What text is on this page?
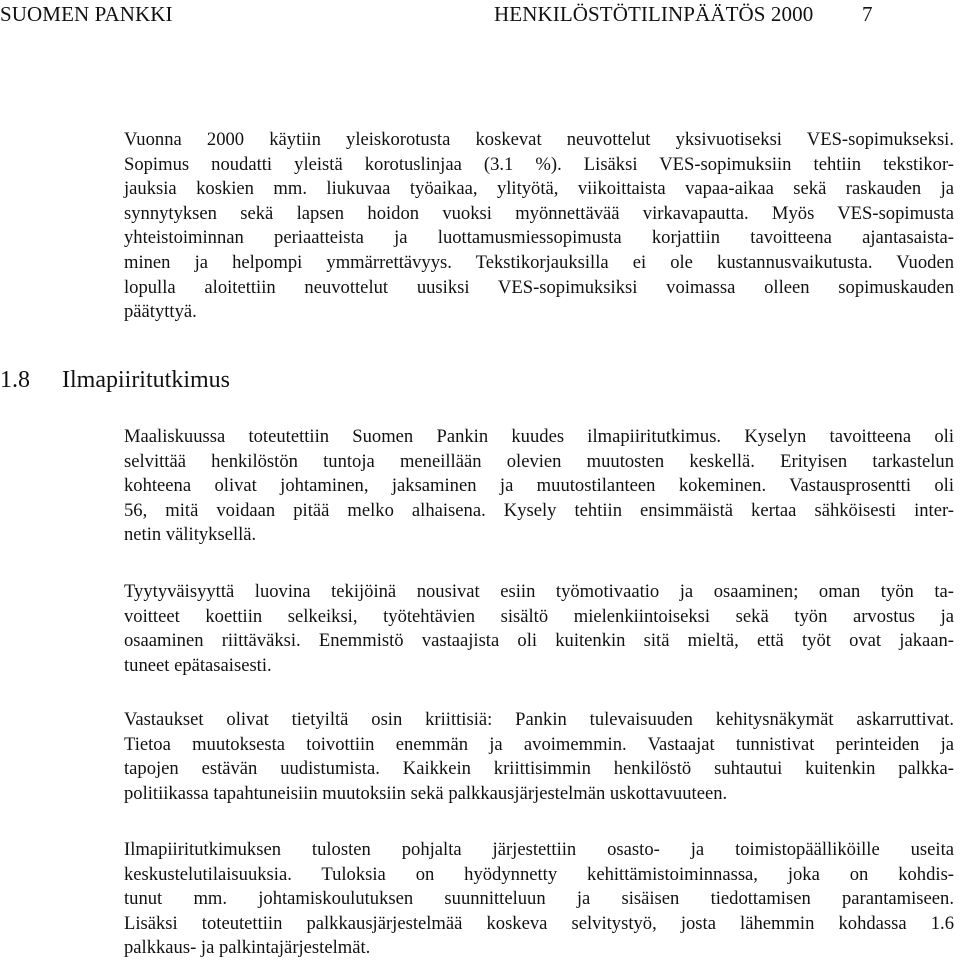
SUOMEN PANKKI	HENKILÖSTÖTILINPÄÄTÖS 2000 7

Vuonna 2000 käytiin yleiskorotusta koskevat neuvottelut yksivuotiseksi VES-sopimukseksi.
Sopimus noudatti yleistä korotuslinjaa (3.1 %). Lisäksi VES-sopimuksiin tehtiin tekstikor-
jauksia koskien mm. liukuvaa työaikaa, ylityötä, viikoittaista vapaa-aikaa sekä raskauden ja
synnytyksen sekä lapsen hoidon vuoksi myönnettävää virkavapautta. Myös VES-sopimusta
yhteistoiminnan periaatteista ja luottamusmiessopimusta korjattiin tavoitteena ajantasaista-
minen ja helpompi ymmärrettävyys. Tekstikorjauksilla ei ole kustannusvaikutusta. Vuoden
lopulla aloitettiin neuvottelut uusiksi VES-sopimuksiksi voimassa olleen sopimuskauden
päätyttyä.

1.8 Ilmapiiritutkimus

Maaliskuussa toteutettiin Suomen Pankin kuudes ilmapiiritutkimus. Kyselyn tavoitteena oli
selvittää henkilöstön tuntoja meneillään olevien muutosten keskellä. Erityisen tarkastelun
kohteena olivat johtaminen, jaksaminen ja muutostilanteen kokeminen. Vastausprosentti oli
56, mitä voidaan pitää melko alhaisena. Kysely tehtiin ensimmäistä kertaa sähköisesti inter-
netin välityksellä.

Tyytyväisyyttä luovina tekijöinä nousivat esiin työmotivaatio ja osaaminen; oman työn ta-
voitteet koettiin selkeiksi, työtehtävien sisältö mielenkiintoiseksi sekä työn arvostus ja
osaaminen riittäväksi. Enemmistö vastaajista oli kuitenkin sitä mieltä, että työt ovat jakaan-
tuneet epätasaisesti.

Vastaukset olivat tietyiltä osin kriittisiä: Pankin tulevaisuuden kehitysnäkymät askarruttivat.
Tietoa muutoksesta toivottiin enemmän ja avoimemmin. Vastaajat tunnistivat perinteiden ja
tapojen estävän uudistumista. Kaikkein kriittisimmin henkilöstö suhtautui kuitenkin palkka-
politiikassa tapahtuneisiin muutoksiin sekä palkkausjärjestelmän uskottavuuteen.

Ilmapiiritutkimuksen tulosten pohjalta järjestettiin osasto- ja toimistopäälliköille useita
keskustelutilaisuuksia. Tuloksia on hyödynnetty kehittämistoiminnassa, joka on kohdis-
tunut mm. johtamiskoulutuksen suunnitteluun ja sisäisen tiedottamisen parantamiseen.
Lisäksi toteutettiin palkkausjärjestelmää koskeva selvitystyö, josta lähemmin kohdassa 1.6
palkkaus- ja palkintajärjestelmät.
